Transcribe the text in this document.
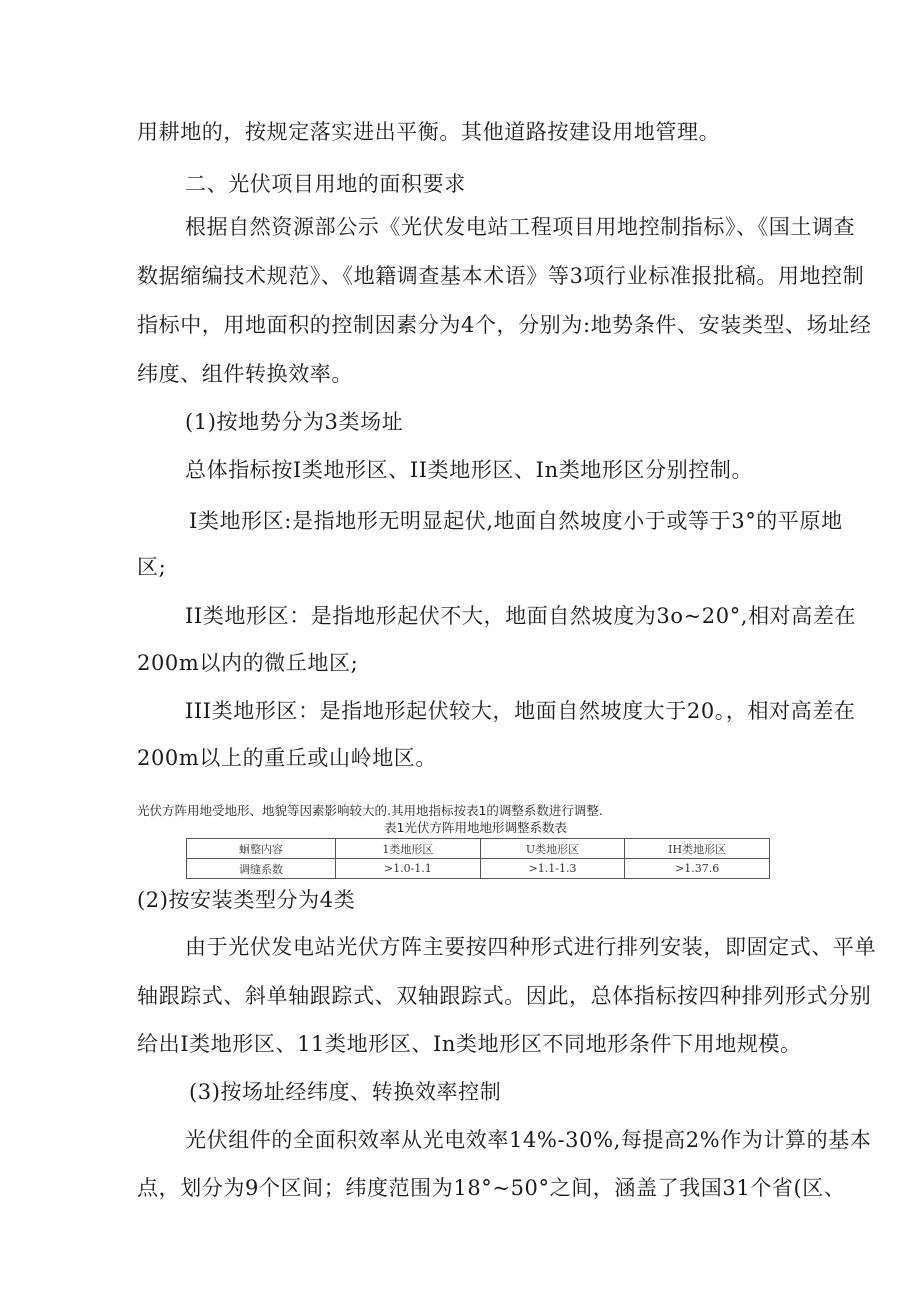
用耕地的，按规定落实进出平衡。其他道路按建设用地管理。
二、光伏项目用地的面积要求
根据自然资源部公示《光伏发电站工程项目用地控制指标》、《国土调查
数据缩编技术规范》、《地籍调查基本术语》等3项行业标准报批稿。用地控制
指标中，用地面积的控制因素分为4个，分别为:地势条件、安装类型、场址经
纬度、组件转换效率。
(1)按地势分为3类场址
总体指标按I类地形区、II类地形区、In类地形区分别控制。
I类地形区:是指地形无明显起伏,地面自然坡度小于或等于3°的平原地
区;
II类地形区：是指地形起伏不大，地面自然坡度为3o~20°,相对高差在
200m以内的微丘地区;
III类地形区：是指地形起伏较大，地面自然坡度大于20。，相对高差在
200m以上的重丘或山岭地区。
光伏方阵用地受地形、地貌等因素影响较大的.其用地指标按表1的调整系数进行调整.
表1光伏方阵用地地形调整系数表
蛔整内容	1类地形区	U类地形区	IH类地形区
调缝系数	>1.0-1.1	>1.1-1.3	>1.37.6
(2)按安装类型分为4类
由于光伏发电站光伏方阵主要按四种形式进行排列安装，即固定式、平单
轴跟踪式、斜单轴跟踪式、双轴跟踪式。因此，总体指标按四种排列形式分别
给出I类地形区、11类地形区、In类地形区不同地形条件下用地规模。
(3)按场址经纬度、转换效率控制
光伏组件的全面积效率从光电效率14%-30%,每提高2%作为计算的基本
点，划分为9个区间；纬度范围为18°~50°之间，涵盖了我国31个省(区、
